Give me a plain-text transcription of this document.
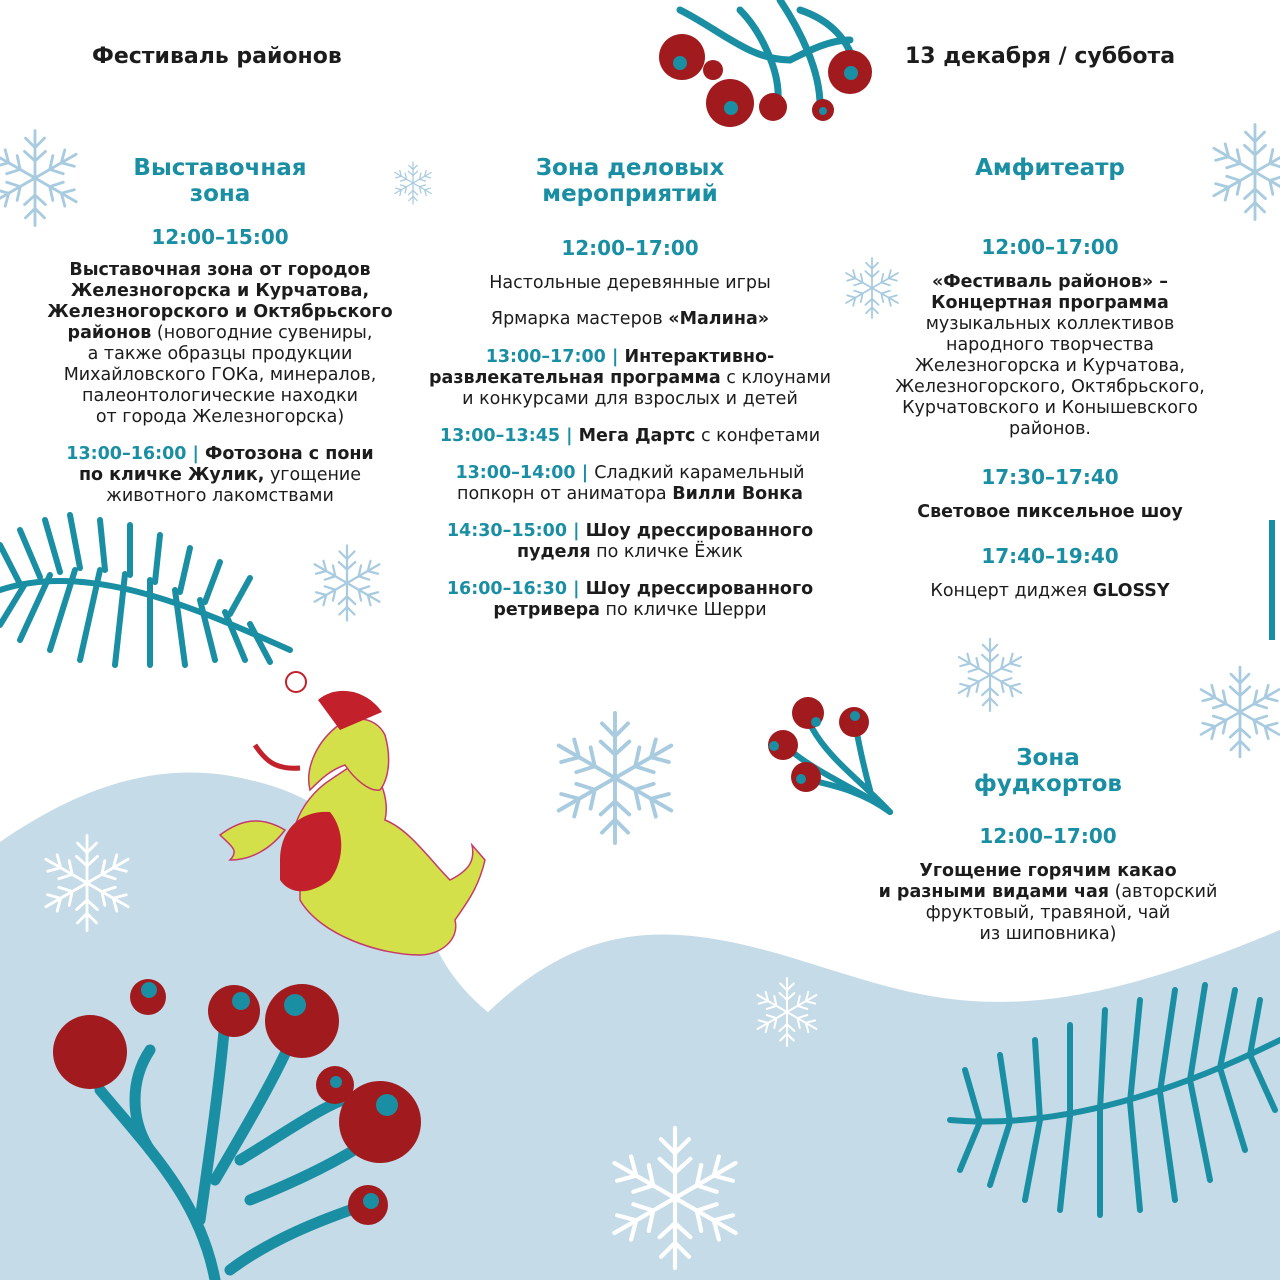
Фестиваль районов	13 декабря / суббота

Выставочная
зона

12:00–15:00

Выставочная зона от городов
Железногорска и Курчатова,
Железногорского и Октябрьского
районов (новогодние сувениры,
а также образцы продукции
Михайловского ГОКа, минералов,
палеонтологические находки
от города Железногорска)

13:00–16:00 | Фотозона с пони
по кличке Жулик, угощение
животного лакомствами

Зона деловых
мероприятий

12:00–17:00

Настольные деревянные игры

Ярмарка мастеров «Малина»

13:00–17:00 | Интерактивно-
развлекательная программа с клоунами
и конкурсами для взрослых и детей

13:00–13:45 | Мега Дартс с конфетами

13:00–14:00 | Сладкий карамельный
попкорн от аниматора Вилли Вонка

14:30–15:00 | Шоу дрессированного
пуделя по кличке Ёжик

16:00–16:30 | Шоу дрессированного
ретривера по кличке Шерри

Амфитеатр

12:00–17:00

«Фестиваль районов» –
Концертная программа
музыкальных коллективов
народного творчества
Железногорска и Курчатова,
Железногорского, Октябрьского,
Курчатовского и Конышевского
районов.

17:30–17:40

Световое пиксельное шоу

17:40–19:40

Концерт диджея GLOSSY

Зона
фудкортов

12:00–17:00

Угощение горячим какао
и разными видами чая (авторский
фруктовый, травяной, чай
из шиповника)
